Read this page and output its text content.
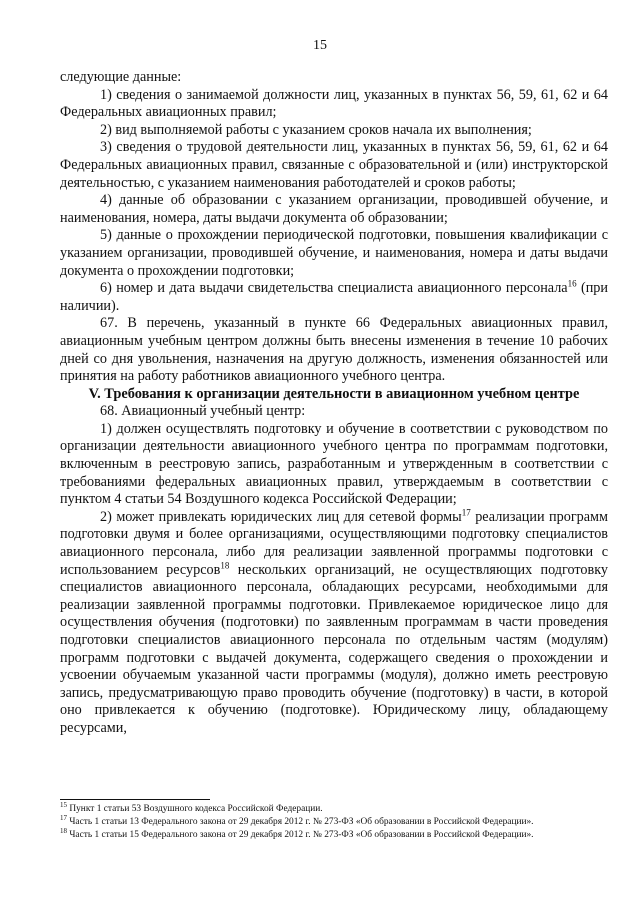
15

следующие данные:

1) сведения о занимаемой должности лиц, указанных в пунктах 56, 59, 61, 62 и 64 Федеральных авиационных правил;

2) вид выполняемой работы с указанием сроков начала их выполнения;

3) сведения о трудовой деятельности лиц, указанных в пунктах 56, 59, 61, 62 и 64 Федеральных авиационных правил, связанные с образовательной и (или) инструкторской деятельностью, с указанием наименования работодателей и сроков работы;

4) данные об образовании с указанием организации, проводившей обучение, и наименования, номера, даты выдачи документа об образовании;

5) данные о прохождении периодической подготовки, повышения квалификации с указанием организации, проводившей обучение, и наименования, номера и даты выдачи документа о прохождении подготовки;

6) номер и дата выдачи свидетельства специалиста авиационного персонала$^{16}$ (при наличии).

67. В перечень, указанный в пункте 66 Федеральных авиационных правил, авиационным учебным центром должны быть внесены изменения в течение 10 рабочих дней со дня увольнения, назначения на другую должность, изменения обязанностей или принятия на работу работников авиационного учебного центра.

V. Требования к организации деятельности в авиационном учебном центре

68. Авиационный учебный центр:

1) должен осуществлять подготовку и обучение в соответствии с руководством по организации деятельности авиационного учебного центра по программам подготовки, включенным в реестровую запись, разработанным и утвержденным в соответствии с требованиями федеральных авиационных правил, утверждаемым в соответствии с пунктом 4 статьи 54 Воздушного кодекса Российской Федерации;

2) может привлекать юридических лиц для сетевой формы$^{17}$ реализации программ подготовки двумя и более организациями, осуществляющими подготовку специалистов авиационного персонала, либо для реализации заявленной программы подготовки с использованием ресурсов$^{18}$ нескольких организаций, не осуществляющих подготовку специалистов авиационного персонала, обладающих ресурсами, необходимыми для реализации заявленной программы подготовки. Привлекаемое юридическое лицо для осуществления обучения (подготовки) по заявленным программам в части проведения подготовки специалистов авиационного персонала по отдельным частям (модулям) программ подготовки с выдачей документа, содержащего сведения о прохождении и усвоении обучаемым указанной части программы (модуля), должно иметь реестровую запись, предусматривающую право проводить обучение (подготовку) в части, в которой оно привлекается к обучению (подготовке). Юридическому лицу, обладающему ресурсами,

$^{15}$ Пункт 1 статьи 53 Воздушного кодекса Российской Федерации.
$^{17}$ Часть 1 статьи 13 Федерального закона от 29 декабря 2012 г. № 273-ФЗ «Об образовании в Российской Федерации».
$^{18}$ Часть 1 статьи 15 Федерального закона от 29 декабря 2012 г. № 273-ФЗ «Об образовании в Российской Федерации».
